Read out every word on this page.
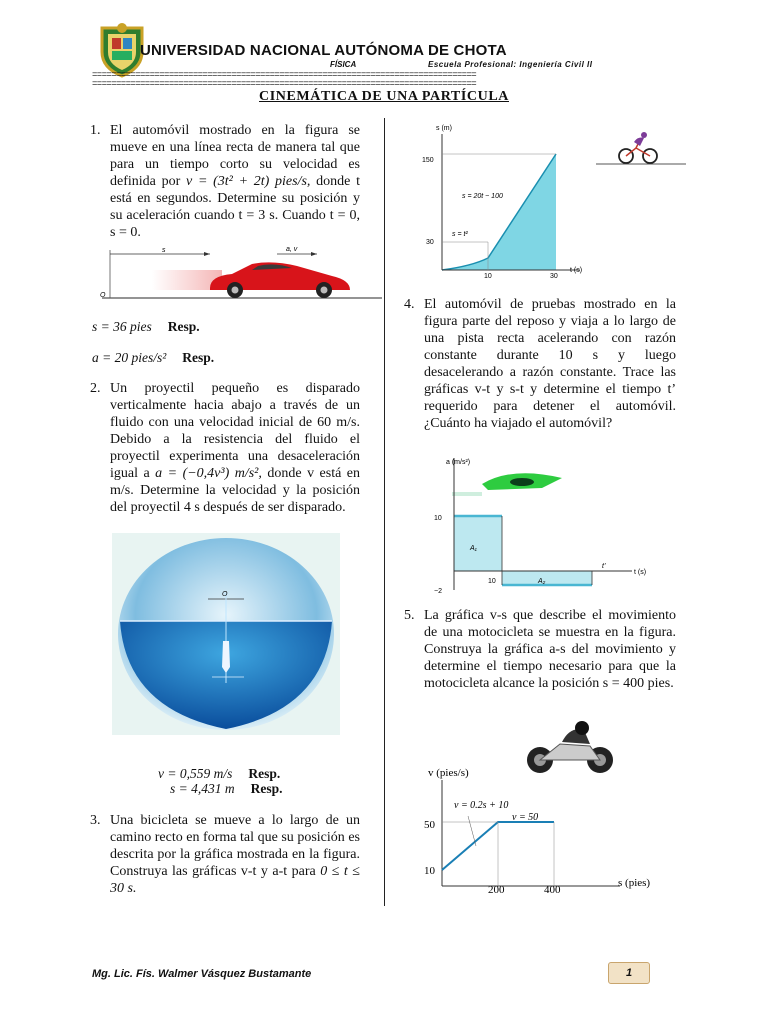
UNIVERSIDAD NACIONAL AUTÓNOMA DE CHOTA
FÍSICA	Escuela Profesional: Ingeniería Civil II
================================================================================
================================================================================
CINEMÁTICA DE UNA PARTÍCULA
1. El automóvil mostrado en la figura se mueve en una línea recta de manera tal que para un tiempo corto su velocidad es definida por v = (3t² + 2t) pies/s, donde t está en segundos. Determine su posición y su aceleración cuando t = 3 s. Cuando t = 0, s = 0.
s	a, v
O
s = 36 pies Resp.
a = 20 pies/s² Resp.
2. Un proyectil pequeño es disparado verticalmente hacia abajo a través de un fluido con una velocidad inicial de 60 m/s. Debido a la resistencia del fluido el proyectil experimenta una desaceleración igual a a = (−0,4v³) m/s², donde v está en m/s. Determine la velocidad y la posición del proyectil 4 s después de ser disparado.
O
v = 0,559 m/s Resp.
s = 4,431 m Resp.
3. Una bicicleta se mueve a lo largo de un camino recto en forma tal que su posición es descrita por la gráfica mostrada en la figura. Construya las gráficas v-t y a-t para 0 ≤ t ≤ 30 s.
s (m)
t (s)
150
30
10	30
s = 20t − 100
s = t²
4. El automóvil de pruebas mostrado en la figura parte del reposo y viaja a lo largo de una pista recta acelerando con razón constante durante 10 s y luego desacelerando a razón constante. Trace las gráficas v-t y s-t y determine el tiempo t’ requerido para detener el automóvil. ¿Cuánto ha viajado el automóvil?
a (m/s²)
t (s)
10
−2
10
t’
A₁
A₂
5. La gráfica v-s que describe el movimiento de una motocicleta se muestra en la figura. Construya la gráfica a-s del movimiento y determine el tiempo necesario para que la motocicleta alcance la posición s = 400 pies.
v (pies/s)
s (pies)
50
10
200	400
v = 0.2s + 10
v = 50
Mg. Lic. Fís. Walmer Vásquez Bustamante	1
